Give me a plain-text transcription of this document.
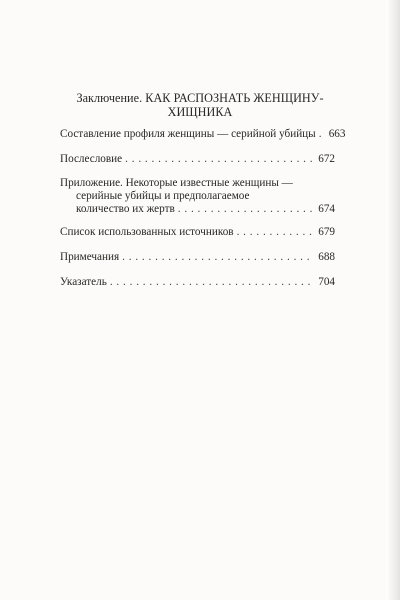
Заключение. КАК РАСПОЗНАТЬ ЖЕНЩИНУ-
ХИЩНИКА
Составление профиля женщины — серийной убийцы . . . 663
Послесловие . . .	672
Приложение. Некоторые известные женщины —
серийные убийцы и предполагаемое
количество их жертв . . .	674
Список использованных источников . . .	679
Примечания . . .	688
Указатель . . .	704
